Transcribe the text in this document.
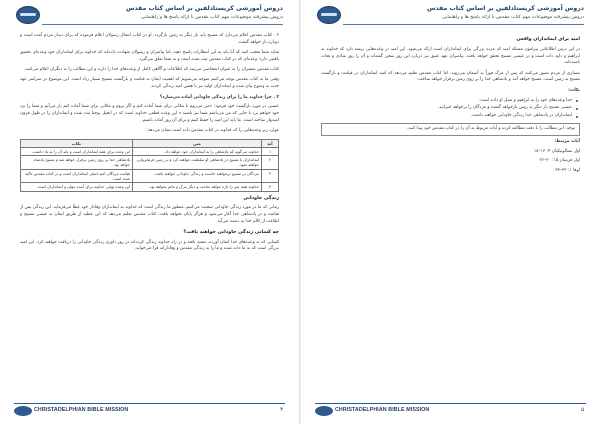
دروس آموزشی کریستادلفین بر اساس کتاب مقدس
دروس پیشرفته موضوعات مهم کتاب مقدس با ارائه پاسخ ها و راهنمایی

۲ . کتاب مقدس اعلام می‌دارد که مسیح باید بار دیگر به زمین بازگردد. او در کتاب اعمال رسولان اعلام فرموده که برای دیدار مردم آمده است و دوباره باز خواهد گشت.

شاید شما تعجب کنید که آیا باید به این انتظارات پاسخ دهید. اما پیامبران و رسولان شهادت داده‌اند که خداوند برای ایمانداران خود وعده‌ای تحقیق یافتنی دارد؛ وعده‌ای که در کتاب مقدس ثبت شده است و به شما تعلق می‌گیرد.

کتاب مقدس مبشران را به عنوان اشخاصی می‌بیند که اطلاعات و آگاهی کامل از وعده‌های خدا را دارند و این مطالب را به دیگران اعلام می‌کنند.

وقتی ما به کتاب مقدس توجه می‌کنیم متوجه می‌شویم که اهمیت ایمان به قیامت و بازگشت مسیح بسیار زیاد است. این موضوع در سراسر عهد جدید به وضوح بیان شده و ایمانداران اولیه نیز با همین امید زندگی کردند.

۳ . چرا خداوند ما را برای زندگی جاودانی آماده می‌سازد؟

عیسی در مورد بازگشت خود فرمود: «من می‌روم تا مکانی برای شما آماده کنم و اگر بروم و مکانی برای شما آماده کنم باز می‌آیم و شما را نزد خود خواهم برد تا جایی که من می‌باشم شما نیز باشید.» این وعده قطعی خداوند است که در انجیل یوحنا ثبت شده و ایمانداران را در طول قرون امیدوار ساخته است. ما باید این امید را حفظ کنیم و برای آن روز آماده باشیم.

موارد زیر وعده‌هایی را که خداوند در کتاب مقدس داده است نشان می‌دهد:

آیه	متن	نکات
۱	خداوند می‌گوید که پادشاهی را به ایمانداران خود خواهد داد.	این وعده برای همه ایمانداران است و باید آن را به یاد داشت.
۲	ایمانداران با مسیح در پادشاهی او سلطنت خواهند کرد و بر زمین فرمانروایی خواهند نمود.	پادشاهی خدا بر روی زمین برقرار خواهد شد و مسیح پادشاه خواهد بود.
۳	مردگان در مسیح برخواهند خاست و زندگی جاودانی خواهند یافت.	قیامت مردگان امید اصلی ایمانداران است و در کتاب مقدس تاکید شده است.
۴	خداوند همه چیز را تازه خواهد ساخت و دیگر مرگ و ماتم نخواهد بود.	این وعده نهایی خداوند برای آینده جهان و ایمانداران است.
زندگی جاودانی

زمانی که ما در مورد زندگی جاودانی صحبت می‌کنیم، منظور ما زندگی است که خداوند به ایمانداران وفادار خود عطا می‌فرماید. این زندگی پس از قیامت و در پادشاهی خدا آغاز می‌شود و هرگز پایان نخواهد یافت. کتاب مقدس تعلیم می‌دهد که این عطیه از طریق ایمان به عیسی مسیح و اطاعت از کلام خدا به دست می‌آید.

چه کسانی زندگی جاودانی خواهند یافت؟

کسانی که به وعده‌های خدا ایمان آورده، تعمید یافته و در راه خداوند زندگی کرده‌اند در روز داوری زندگی جاودانی را دریافت خواهند کرد. این امید بزرگی است که به ما داده شده و ما را به زندگی مقدس و وفادارانه فرا می‌خواند.

CHRISTADELPHIAN BIBLE MISSION	۳
دروس آموزشی کریستادلفین بر اساس کتاب مقدس
دروس پیشرفته موضوعات مهم کتاب مقدس با ارائه پاسخ ها و راهنمایی
امید برای ایمانداران واقعی

در این درس اطلاعاتی پیرامون مسئله امید که مژده بزرگی برای ایمانداران است ارائه می‌شود. این امید در وعده‌هایی ریشه دارد که خداوند به ابراهیم و داود داده است و در عیسی مسیح تحقق خواهد یافت. پیامبران عهد عتیق نیز درباره این روز سخن گفته‌اند و آن را روز شادی و نجات نامیده‌اند.

بسیاری از مردم تصور می‌کنند که پس از مرگ فوراً به آسمان می‌روند، اما کتاب مقدس تعلیم می‌دهد که امید ایمانداران در قیامت و بازگشت مسیح به زمین است. مسیح خواهد آمد و پادشاهی خدا را بر روی زمین برقرار خواهد ساخت.

نکات:
خدا وعده‌های خود را به ابراهیم و نسل او داده است.
عیسی مسیح بار دیگر به زمین بازخواهد گشت و مردگان را برخواهد خیزانید.
ایمانداران در پادشاهی خدا زندگی جاودانی خواهند داشت.
توجه: این مطالب را با دقت مطالعه کرده و آیات مربوط به آن را در کتاب مقدس خود پیدا کنید.
آیات مرتبط:
اول تسالونیکیان ۴: ۱۳–۱۸
اول قرنتیان ۱۵: ۲۰–۲۶
لوقا ۱: ۳۲–۳۳
CHRISTADELPHIAN BIBLE MISSION	۵
